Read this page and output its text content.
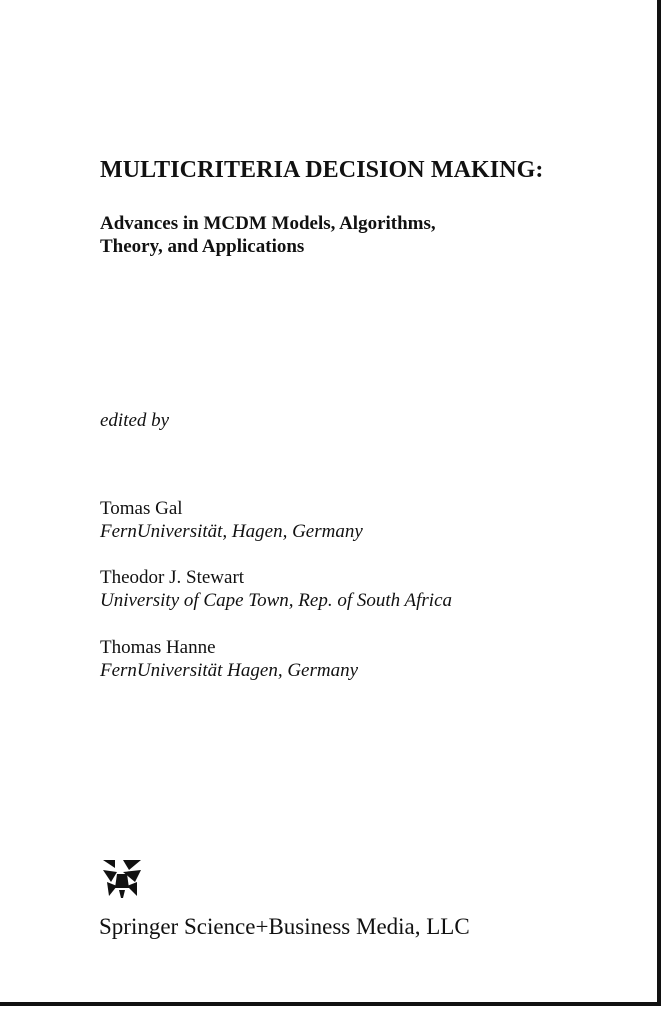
MULTICRITERIA DECISION MAKING:
Advances in MCDM Models, Algorithms,
Theory, and Applications
edited by
Tomas Gal
FernUniversität, Hagen, Germany
Theodor J. Stewart
University of Cape Town, Rep. of South Africa
Thomas Hanne
FernUniversität Hagen, Germany
Springer Science+Business Media, LLC
